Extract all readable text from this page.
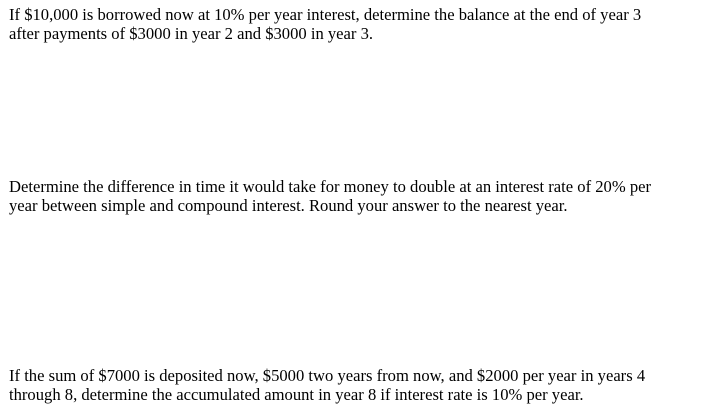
If $10,000 is borrowed now at 10% per year interest, determine the balance at the end of year 3
after payments of $3000 in year 2 and $3000 in year 3.

Determine the difference in time it would take for money to double at an interest rate of 20% per
year between simple and compound interest. Round your answer to the nearest year.

If the sum of $7000 is deposited now, $5000 two years from now, and $2000 per year in years 4
through 8, determine the accumulated amount in year 8 if interest rate is 10% per year.
